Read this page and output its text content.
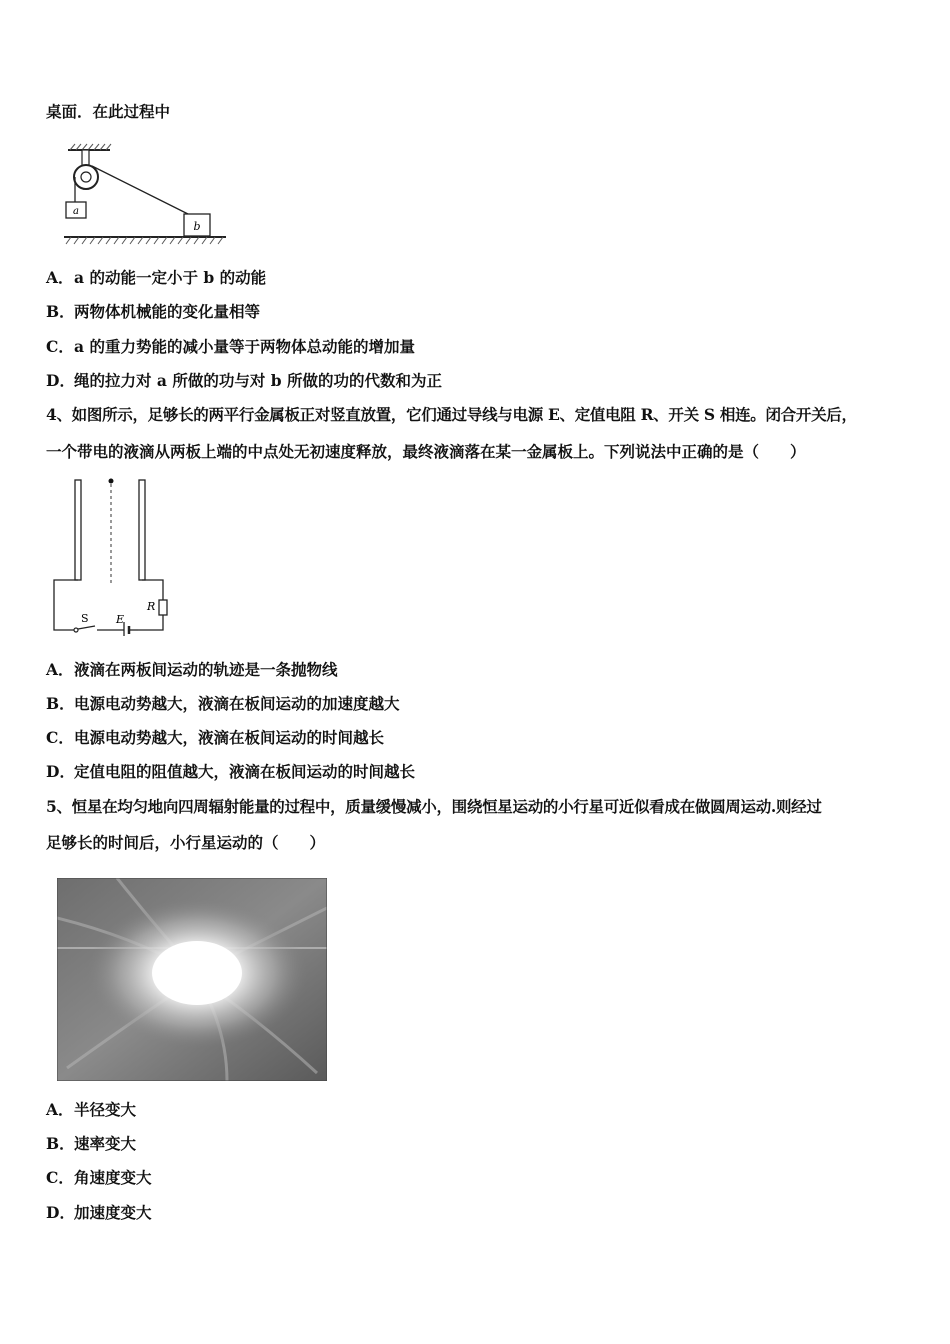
桌面．在此过程中
a
b
A．a 的动能一定小于 b 的动能
B．两物体机械能的变化量相等
C．a 的重力势能的减小量等于两物体总动能的增加量
D．绳的拉力对 a 所做的功与对 b 所做的功的代数和为正
4、如图所示，足够长的两平行金属板正对竖直放置，它们通过导线与电源 E、定值电阻 R、开关 S 相连。闭合开关后，
一个带电的液滴从两板上端的中点处无初速度释放，最终液滴落在某一金属板上。下列说法中正确的是（　　）
R
S E
A．液滴在两板间运动的轨迹是一条抛物线
B．电源电动势越大，液滴在板间运动的加速度越大
C．电源电动势越大，液滴在板间运动的时间越长
D．定值电阻的阻值越大，液滴在板间运动的时间越长
5、恒星在均匀地向四周辐射能量的过程中，质量缓慢减小，围绕恒星运动的小行星可近似看成在做圆周运动.则经过
足够长的时间后，小行星运动的（　　）
A．半径变大
B．速率变大
C．角速度变大
D．加速度变大
